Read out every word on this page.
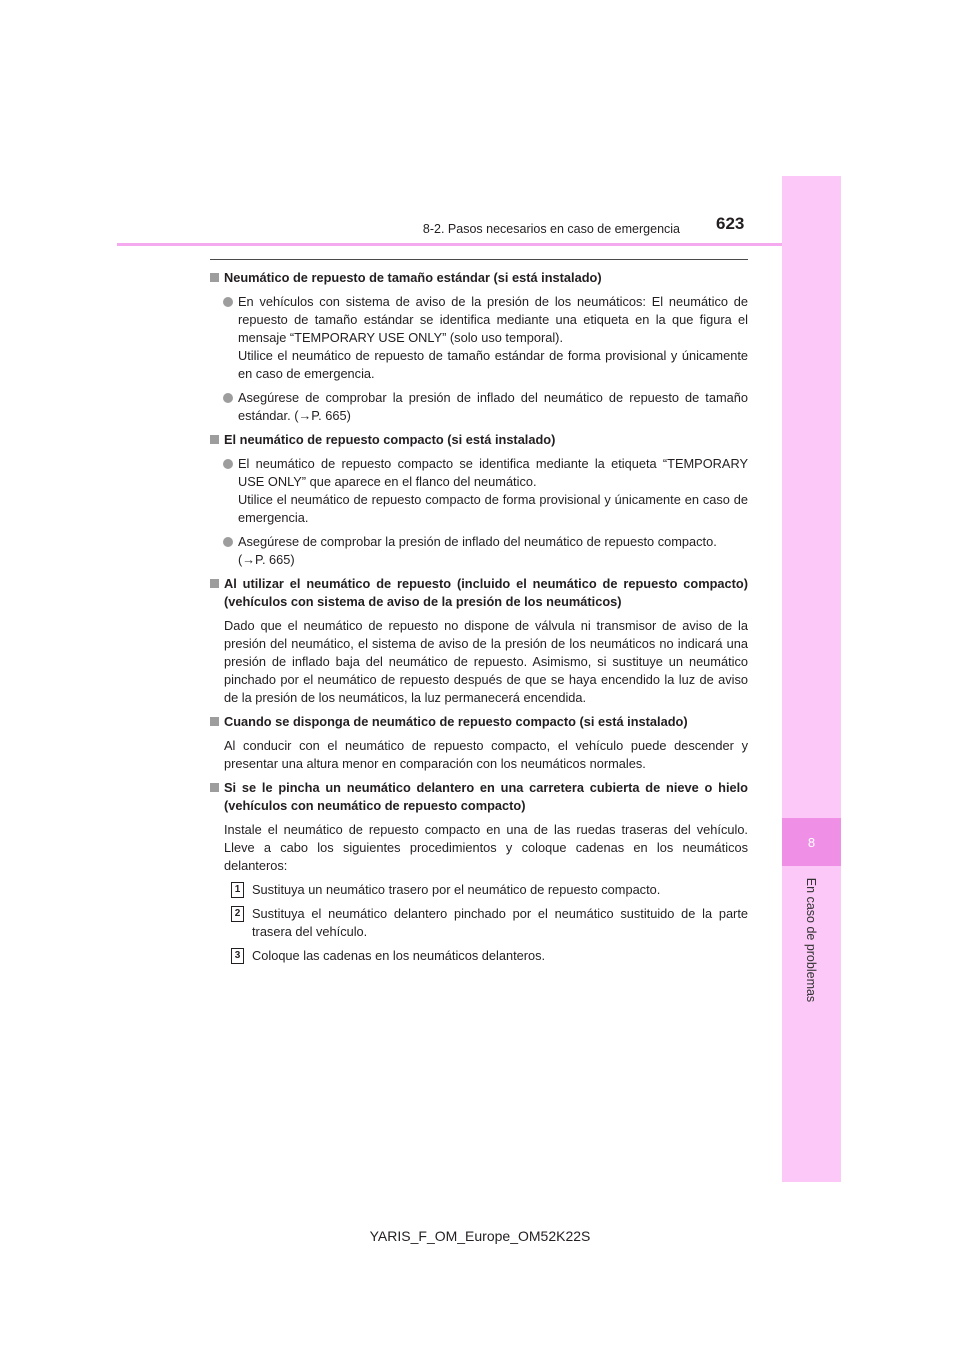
8
En caso de problemas
8-2. Pasos necesarios en caso de emergencia 623
Neumático de repuesto de tamaño estándar (si está instalado)
En vehículos con sistema de aviso de la presión de los neumáticos: El neumático de repuesto de tamaño estándar se identifica mediante una etiqueta en la que figura el mensaje “TEMPORARY USE ONLY” (solo uso temporal).
Utilice el neumático de repuesto de tamaño estándar de forma provisional y únicamente en caso de emergencia.
Asegúrese de comprobar la presión de inflado del neumático de repuesto de tamaño estándar. (→P. 665)
El neumático de repuesto compacto (si está instalado)
El neumático de repuesto compacto se identifica mediante la etiqueta “TEMPORARY USE ONLY” que aparece en el flanco del neumático.
Utilice el neumático de repuesto compacto de forma provisional y únicamente en caso de emergencia.
Asegúrese de comprobar la presión de inflado del neumático de repuesto compacto.
(→P. 665)
Al utilizar el neumático de repuesto (incluido el neumático de repuesto compacto) (vehículos con sistema de aviso de la presión de los neumáticos)
Dado que el neumático de repuesto no dispone de válvula ni transmisor de aviso de la presión del neumático, el sistema de aviso de la presión de los neumáticos no indicará una presión de inflado baja del neumático de repuesto. Asimismo, si sustituye un neumático pinchado por el neumático de repuesto después de que se haya encendido la luz de aviso de la presión de los neumáticos, la luz permanecerá encendida.
Cuando se disponga de neumático de repuesto compacto (si está instalado)
Al conducir con el neumático de repuesto compacto, el vehículo puede descender y presentar una altura menor en comparación con los neumáticos normales.
Si se le pincha un neumático delantero en una carretera cubierta de nieve o hielo (vehículos con neumático de repuesto compacto)
Instale el neumático de repuesto compacto en una de las ruedas traseras del vehículo. Lleve a cabo los siguientes procedimientos y coloque cadenas en los neumáticos delanteros:
1 Sustituya un neumático trasero por el neumático de repuesto compacto.
2 Sustituya el neumático delantero pinchado por el neumático sustituido de la parte trasera del vehículo.
3 Coloque las cadenas en los neumáticos delanteros.
YARIS_F_OM_Europe_OM52K22S
